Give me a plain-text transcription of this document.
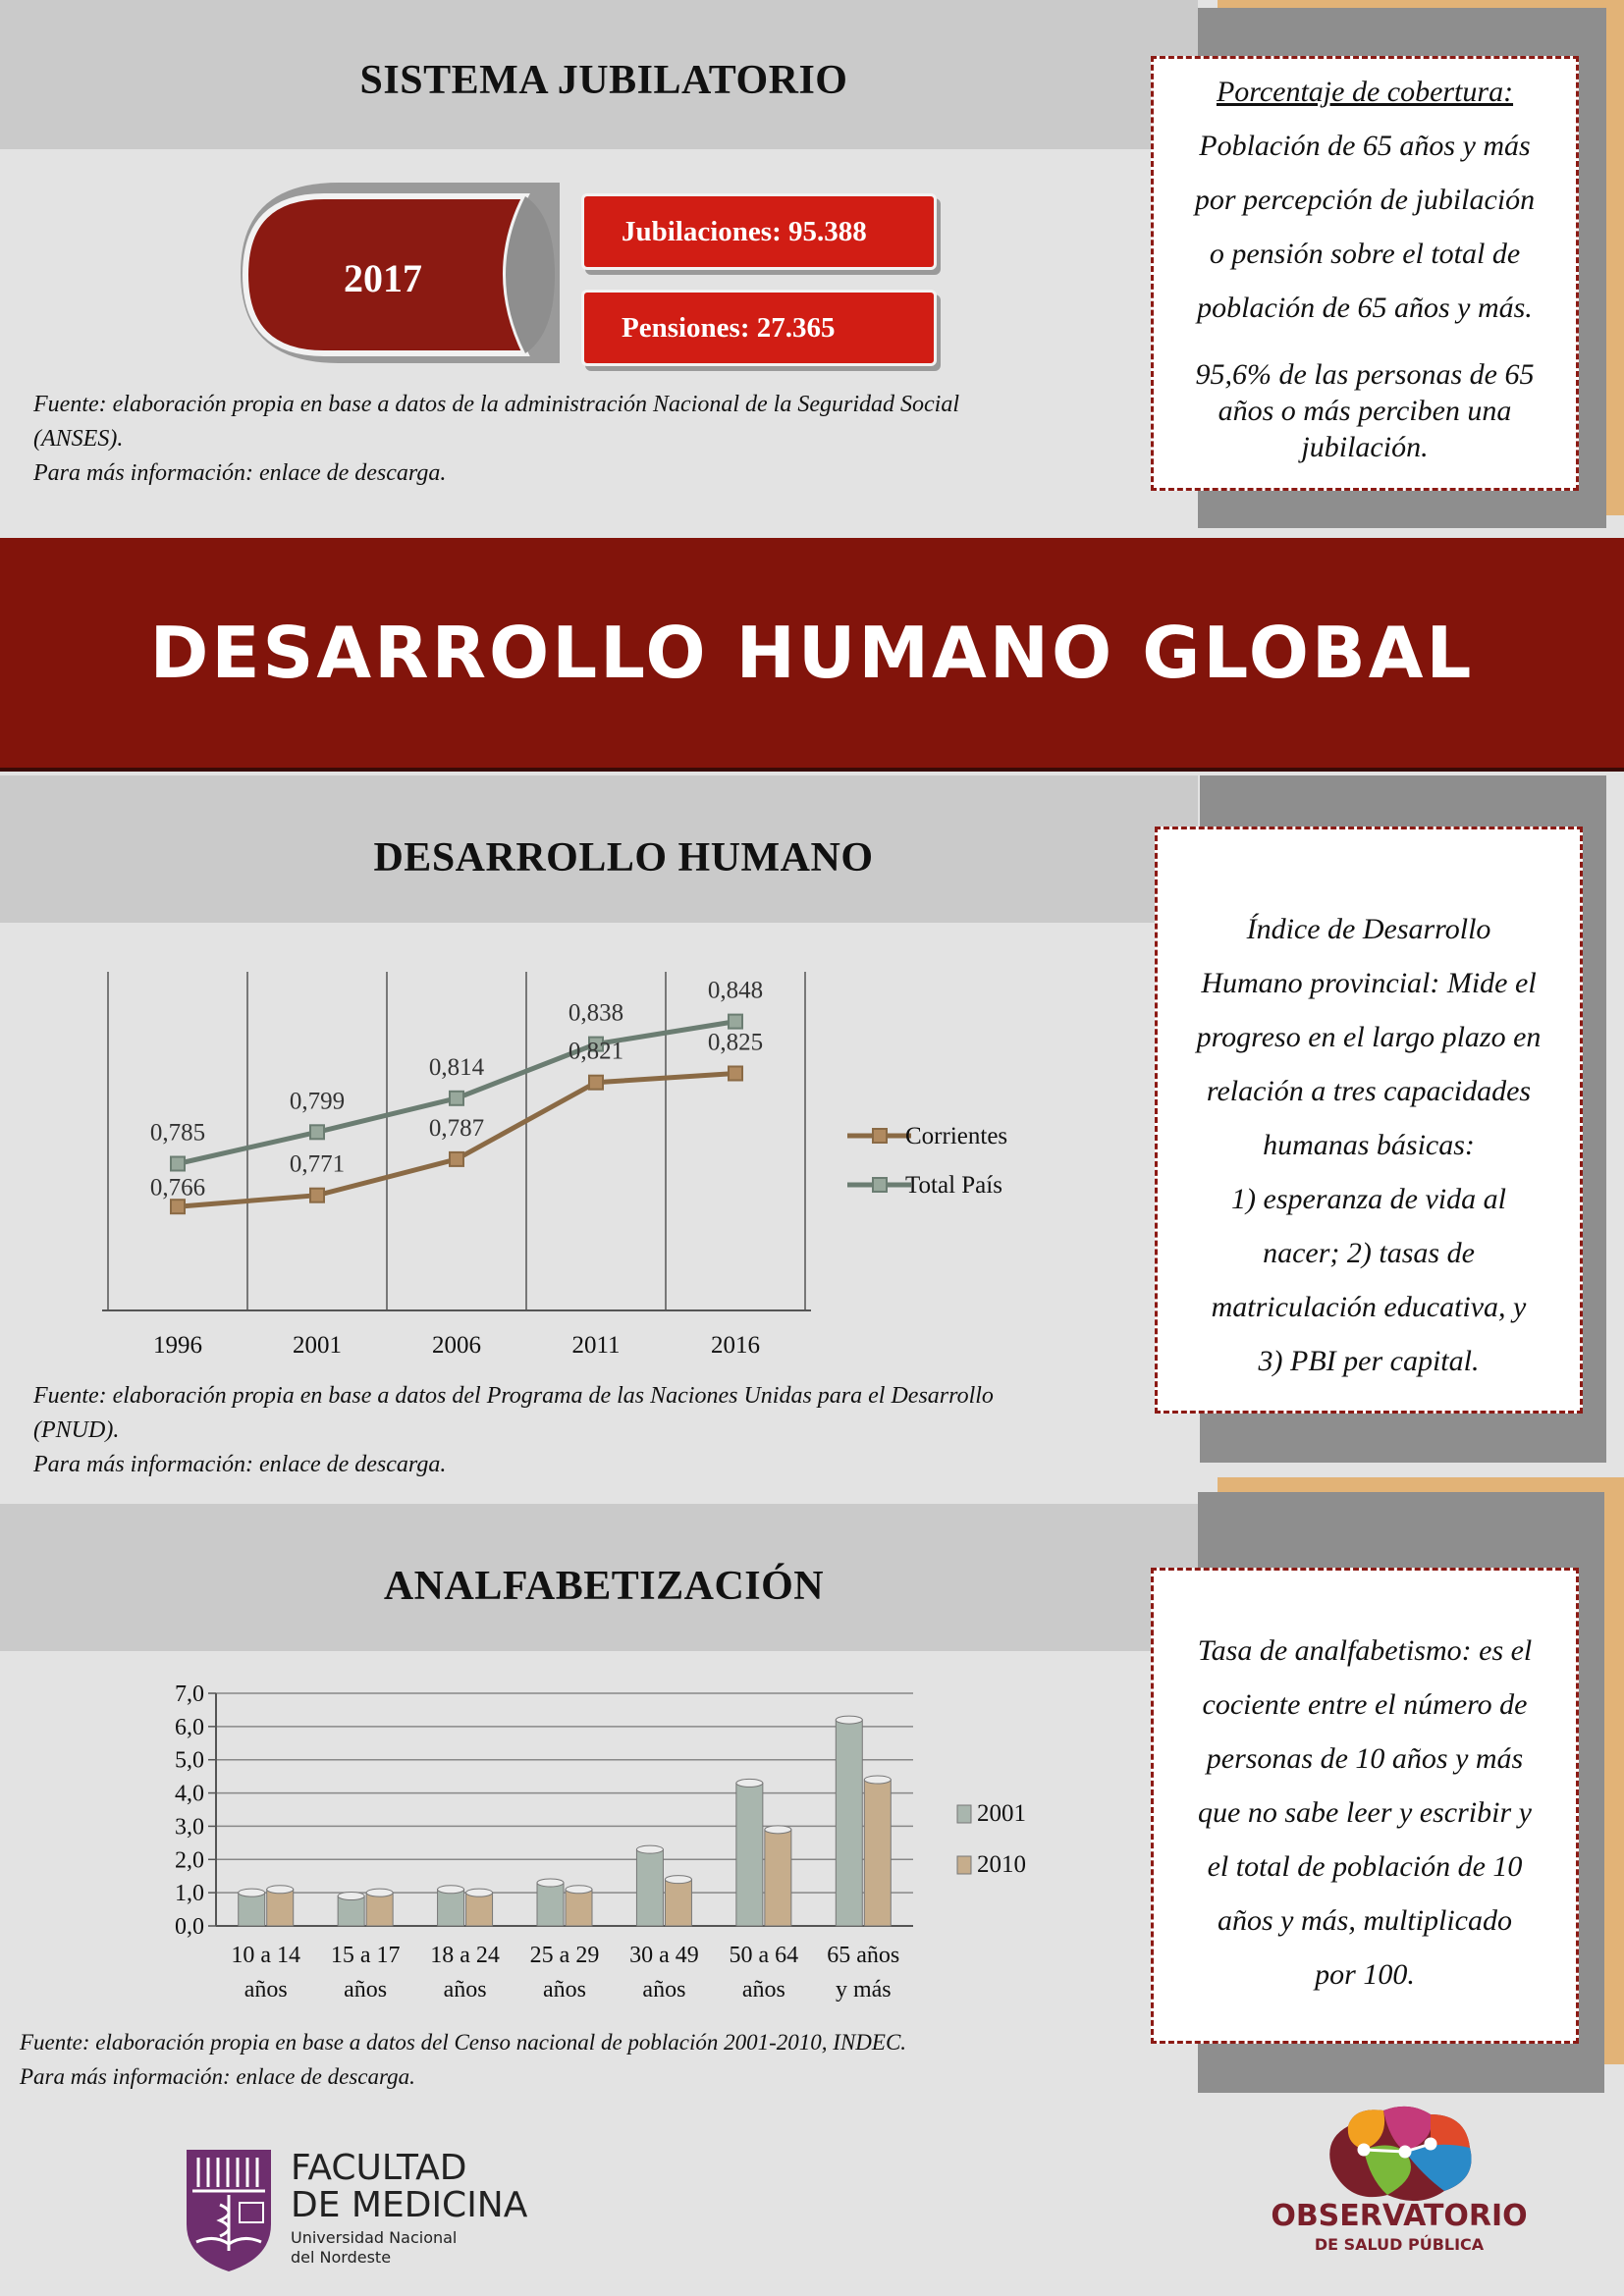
SISTEMA JUBILATORIO	Porcentaje de cobertura:

Población de 65 años y más

por percepción de jubilación

o pensión sobre el total de

población de 65 años y más.

95,6% de las personas de 65

años o más perciben una

jubilación.

2017
Jubilaciones: 95.388
Pensiones: 27.365
Fuente: elaboración propia en base a datos de la administración Nacional de la Seguridad Social
(ANSES).
Para más información: enlace de descarga.
DESARROLLO HUMANO GLOBAL
DESARROLLO HUMANO

Índice de Desarrollo

Humano provincial: Mide el

progreso en el largo plazo en

relación a tres capacidades

humanas básicas:

1) esperanza de vida al

nacer; 2) tasas de

matriculación educativa, y

3) PBI per capital.

1996	2001	2006	2011	2016
0,785
0,799
0,814
0,838
0,848
0,766
0,771
0,787
0,821	0,825
Corrientes
Total País
Fuente: elaboración propia en base a datos del Programa de las Naciones Unidas para el Desarrollo
(PNUD).
Para más información: enlace de descarga.
ANALFABETIZACIÓN

Tasa de analfabetismo: es el

cociente entre el número de

personas de 10 años y más

que no sabe leer y escribir y

el total de población de 10

años y más, multiplicado

por 100.

0,0
1,0
2,0
3,0
4,0
5,0
6,0
7,0
10 a 14
años
15 a 17
años
18 a 24
años
25 a 29
años
30 a 49
años
50 a 64
años
65 años
y más
2001
2010
Fuente: elaboración propia en base a datos del Censo nacional de población 2001-2010, INDEC.
Para más información: enlace de descarga.
FACULTAD
DE MEDICINA
Universidad Nacional
del Nordeste
OBSERVATORIO
DE SALUD PÚBLICA
